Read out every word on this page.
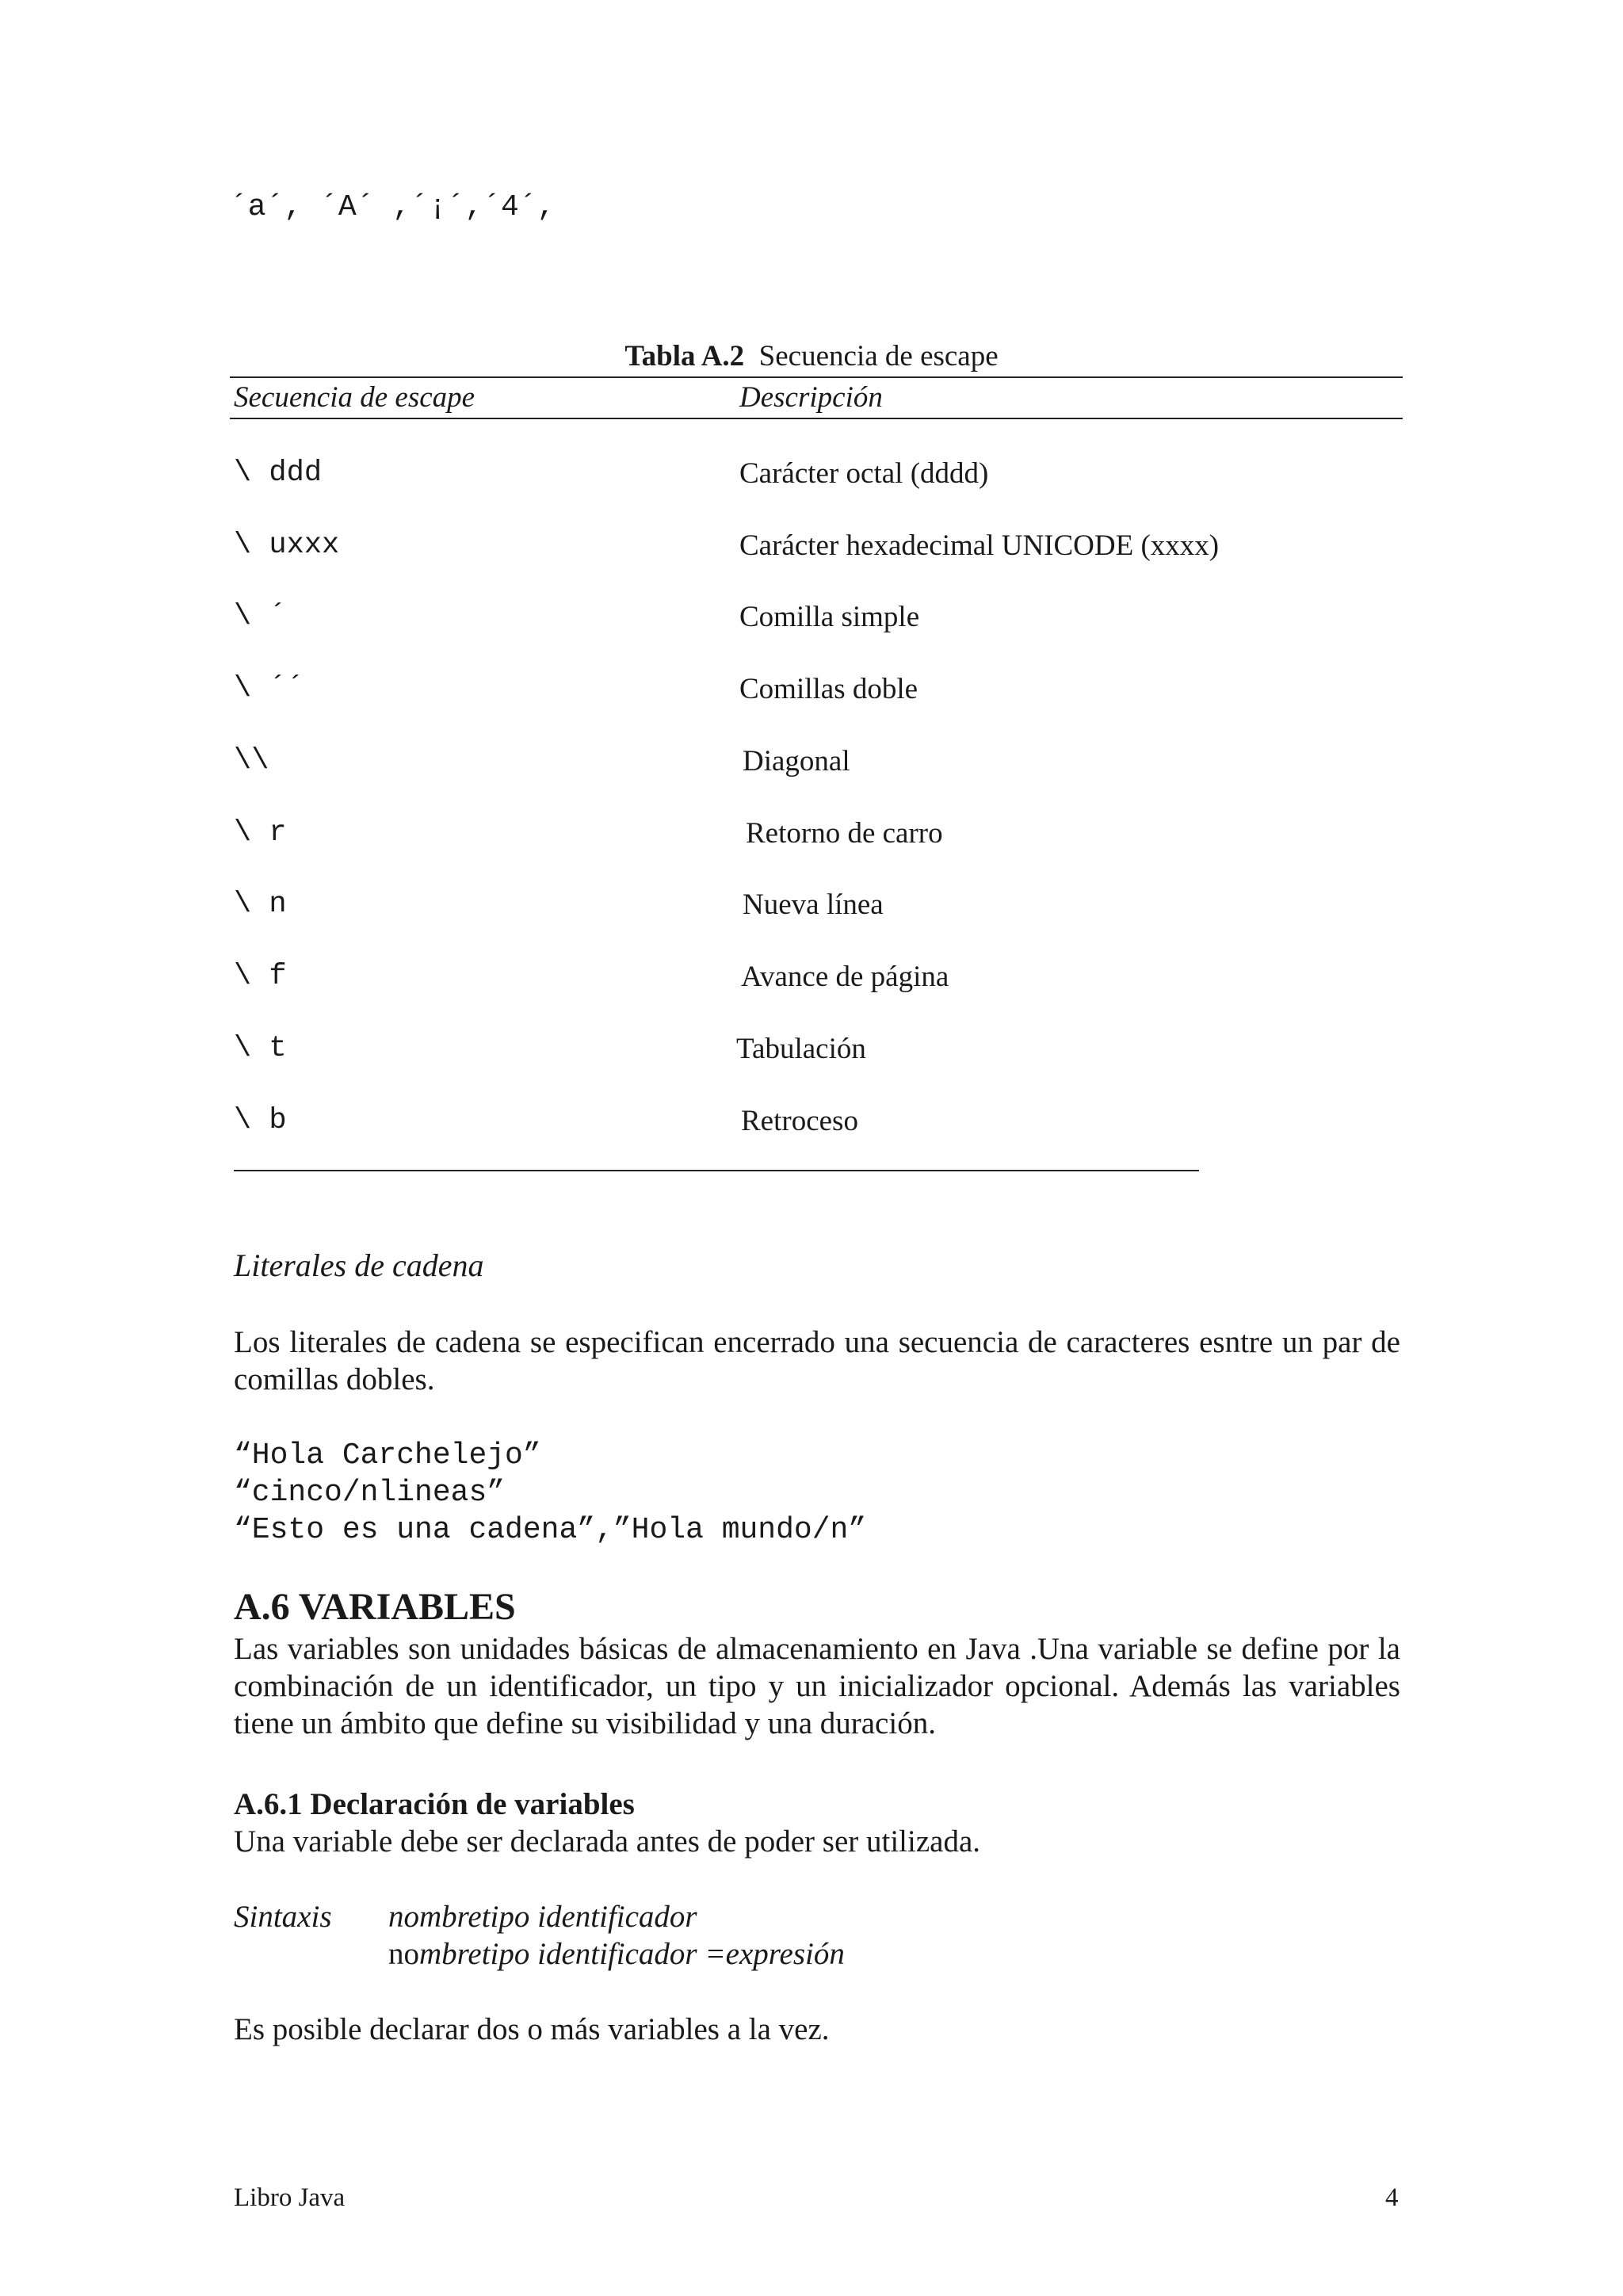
´a´, ´A´ ,´¡´,´4´,
Tabla A.2 Secuencia de escape
Secuencia de escape	Descripción
\ ddd	Carácter octal (dddd)
\ uxxx	Carácter hexadecimal UNICODE (xxxx)
\ ´	Comilla simple
\ ´´	Comillas doble
\\	Diagonal
\ r	Retorno de carro
\ n	Nueva línea
\ f	Avance de página
\ t	Tabulación
\ b	Retroceso
Literales de cadena
Los literales de cadena se especifican encerrado una secuencia de caracteres esntre un par de comillas dobles.
“Hola Carchelejo”
“cinco/nlineas”
“Esto es una cadena”,”Hola mundo/n”
A.6 VARIABLES
Las variables son unidades básicas de almacenamiento en Java .Una variable se define por la combinación de un identificador, un tipo y un inicializador opcional. Además las variables tiene un ámbito que define su visibilidad y una duración.
A.6.1 Declaración de variables
Una variable debe ser declarada antes de poder ser utilizada.
Sintaxis nombretipo identificador
nombretipo identificador =expresión
Es posible declarar dos o más variables a la vez.
Libro Java	4
